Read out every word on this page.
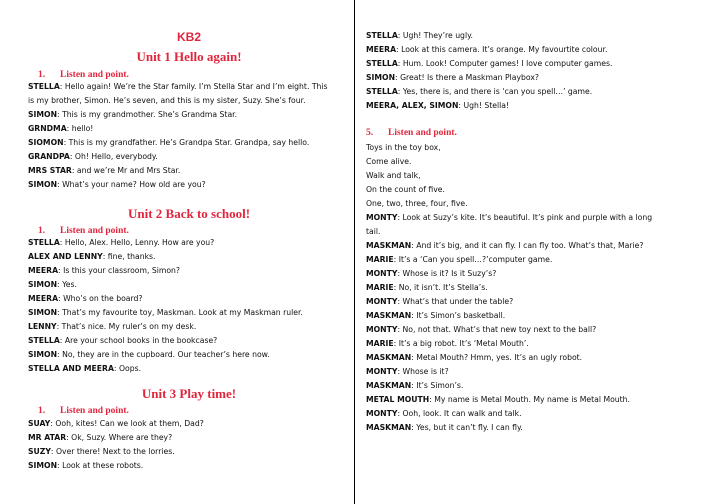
KB2
Unit 1 Hello again!
1. Listen and point.
STELLA: Hello again! We’re the Star family. I’m Stella Star and I’m eight. This
is my brother, Simon. He’s seven, and this is my sister, Suzy. She’s four.
SIMON: This is my grandmother. She’s Grandma Star.
GRNDMA: hello!
SIOMON: This is my grandfather. He’s Grandpa Star. Grandpa, say hello.
GRANDPA: Oh! Hello, everybody.
MRS STAR: and we’re Mr and Mrs Star.
SIMON: What’s your name? How old are you?
Unit 2 Back to school!
1. Listen and point.
STELLA: Hello, Alex. Hello, Lenny. How are you?
ALEX AND LENNY: fine, thanks.
MEERA: Is this your classroom, Simon?
SIMON: Yes.
MEERA: Who’s on the board?
SIMON: That’s my favourite toy, Maskman. Look at my Maskman ruler.
LENNY: That’s nice. My ruler’s on my desk.
STELLA: Are your school books in the bookcase?
SIMON: No, they are in the cupboard. Our teacher’s here now.
STELLA AND MEERA: Oops.
Unit 3 Play time!
1. Listen and point.
SUAY: Ooh, kites! Can we look at them, Dad?
MR ATAR: Ok, Suzy. Where are they?
SUZY: Over there! Next to the lorries.
SIMON: Look at these robots.
STELLA: Ugh! They’re ugly.
MEERA: Look at this camera. It’s orange. My favourtite colour.
STELLA: Hum. Look! Computer games! I love computer games.
SIMON: Great! Is there a Maskman Playbox?
STELLA: Yes, there is, and there is ‘can you spell…’ game.
MEERA, ALEX, SIMON: Ugh! Stella!
5. Listen and point.
Toys in the toy box,
Come alive.
Walk and talk,
On the count of five.
One, two, three, four, five.
MONTY: Look at Suzy’s kite. It’s beautiful. It’s pink and purple with a long
tail.
MASKMAN: And it’s big, and it can fly. I can fly too. What’s that, Marie?
MARIE: It’s a ‘Can you spell…?’computer game.
MONTY: Whose is it? Is it Suzy’s?
MARIE: No, it isn’t. It’s Stella’s.
MONTY: What’s that under the table?
MASKMAN: It’s Simon’s basketball.
MONTY: No, not that. What’s that new toy next to the ball?
MARIE: It’s a big robot. It’s ‘Metal Mouth’.
MASKMAN: Metal Mouth? Hmm, yes. It’s an ugly robot.
MONTY: Whose is it?
MASKMAN: It’s Simon’s.
METAL MOUTH: My name is Metal Mouth. My name is Metal Mouth.
MONTY: Ooh, look. It can walk and talk.
MASKMAN: Yes, but it can’t fly. I can fly.
